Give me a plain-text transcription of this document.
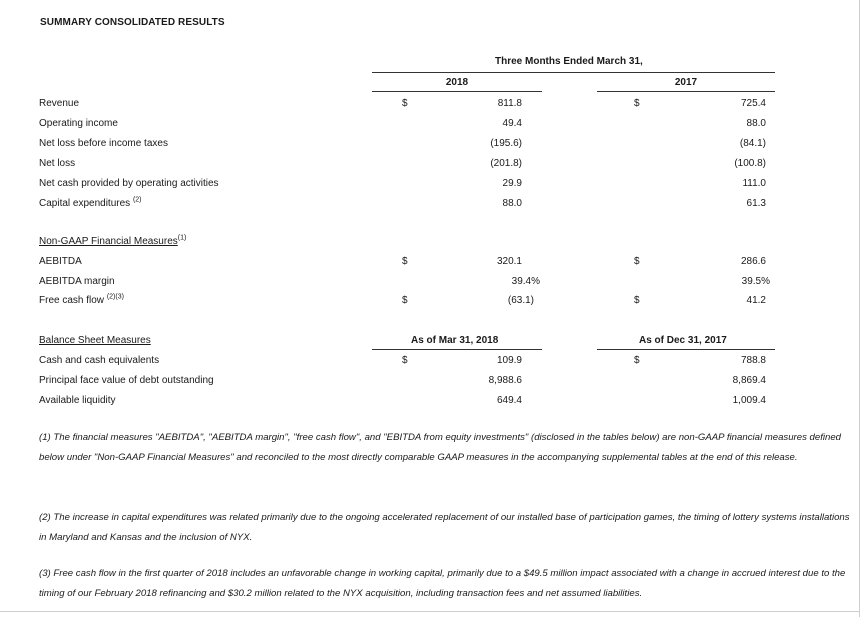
SUMMARY CONSOLIDATED RESULTS
Three Months Ended March 31,
2018	2017
Revenue	$	811.8	$	725.4
Operating income	49.4	88.0
Net loss before income taxes	(195.6)	(84.1)
Net loss	(201.8)	(100.8)
Net cash provided by operating activities	29.9	111.0
Capital expenditures $^{(2)}$	88.0	61.3
Non-GAAP Financial Measures$^{(1)}$
AEBITDA	$	320.1	$	286.6
AEBITDA margin	39.4%	39.5%
Free cash flow $^{(2)(3)}$	$	(63.1)	$	41.2
Balance Sheet Measures	As of Mar 31, 2018	As of Dec 31, 2017
Cash and cash equivalents	$	109.9	$	788.8
Principal face value of debt outstanding	8,988.6	8,869.4
Available liquidity	649.4	1,009.4
(1) The financial measures "AEBITDA", "AEBITDA margin", "free cash flow", and "EBITDA from equity investments" (disclosed in the tables below) are non-GAAP financial measures defined below under "Non-GAAP Financial Measures" and reconciled to the most directly comparable GAAP measures in the accompanying supplemental tables at the end of this release.
(2) The increase in capital expenditures was related primarily due to the ongoing accelerated replacement of our installed base of participation games, the timing of lottery systems installations in Maryland and Kansas and the inclusion of NYX.
(3) Free cash flow in the first quarter of 2018 includes an unfavorable change in working capital, primarily due to a $49.5 million impact associated with a change in accrued interest due to the timing of our February 2018 refinancing and $30.2 million related to the NYX acquisition, including transaction fees and net assumed liabilities.
